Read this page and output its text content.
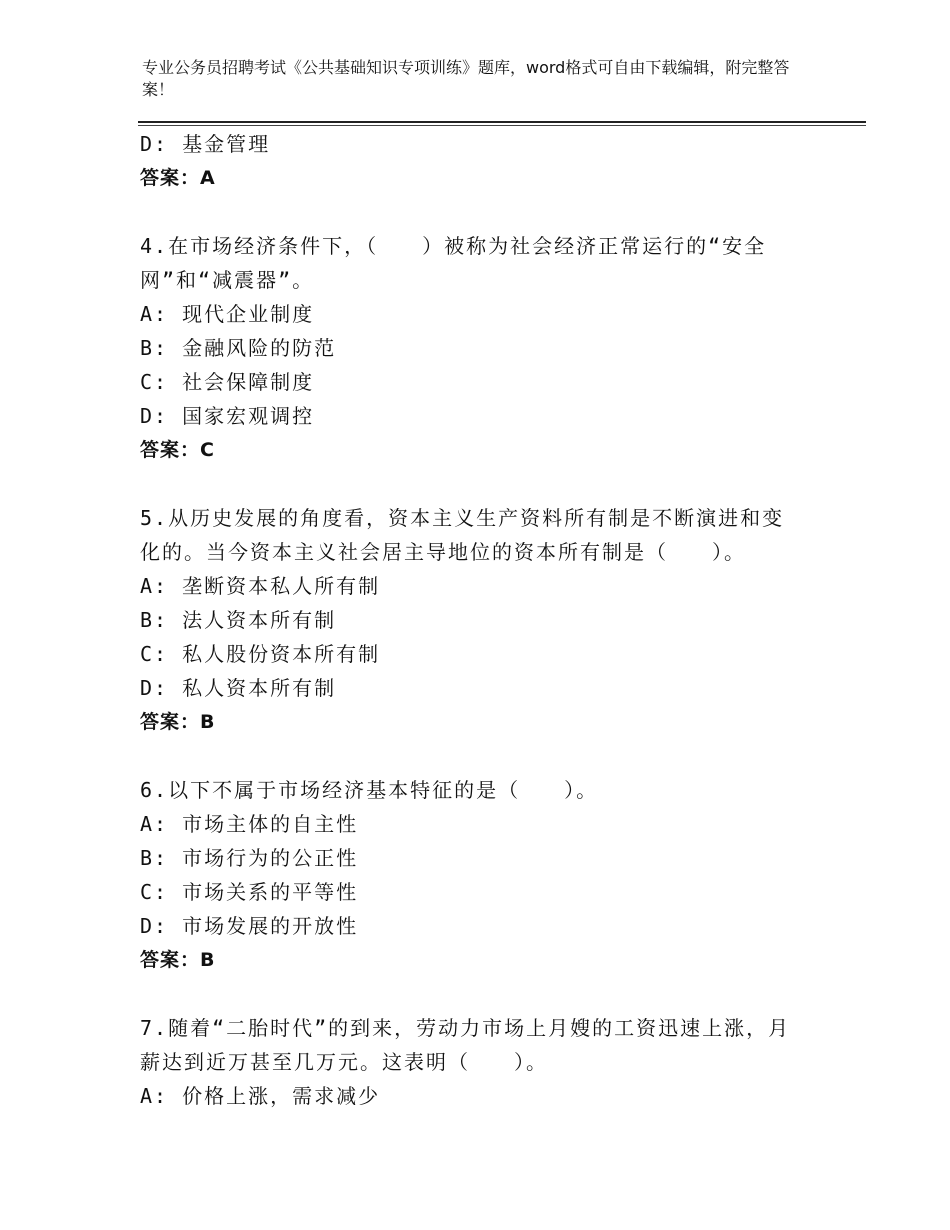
专业公务员招聘考试《公共基础知识专项训练》题库，word格式可自由下载编辑，附完整答案！
D: 基金管理
答案：A
4.在市场经济条件下，（　　）被称为社会经济正常运行的“安全网”和“减震器”。
A: 现代企业制度
B: 金融风险的防范
C: 社会保障制度
D: 国家宏观调控
答案：C
5.从历史发展的角度看，资本主义生产资料所有制是不断演进和变化的。当今资本主义社会居主导地位的资本所有制是（　　）。
A: 垄断资本私人所有制
B: 法人资本所有制
C: 私人股份资本所有制
D: 私人资本所有制
答案：B
6.以下不属于市场经济基本特征的是（　　）。
A: 市场主体的自主性
B: 市场行为的公正性
C: 市场关系的平等性
D: 市场发展的开放性
答案：B
7.随着“二胎时代”的到来，劳动力市场上月嫂的工资迅速上涨，月薪达到近万甚至几万元。这表明（　　）。
A: 价格上涨，需求减少
